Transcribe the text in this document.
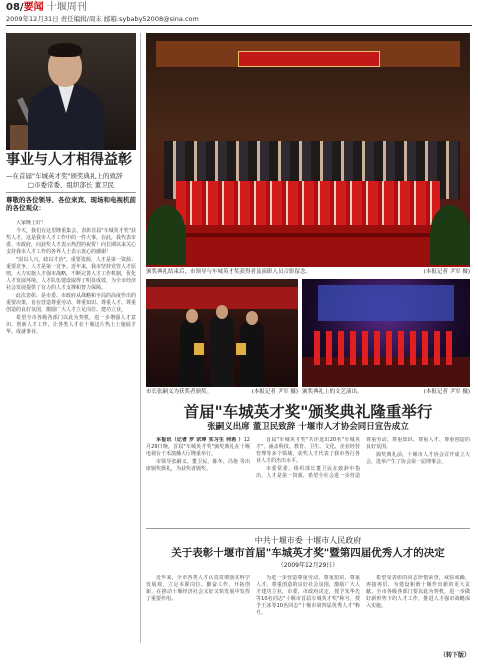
08/要闻 十堰周刊
2009年12月31日 责任编辑/周末 邮箱:sybaby52008@sina.com
事业与人才相得益彰
—在首届"车城英才奖"颁奖典礼上的致辞
□市委常委、组织部长 董卫民
尊敬的各位领导、各位来宾、现场和电视机前的各位观众：

大家晚上好！

今天，我们在这里隆重集会，表彰首届"车城英才奖"获奖人才，这是我市人才工作中的一件大事。在此，我代表市委、市政府，向获奖人才表示热烈的祝贺！向长期以来关心支持我市人才工作的各界人士表示衷心的感谢！

"国以人兴，政以才治"。重要资源，人才是第一资源；重要竞争，人才是第一竞争。近年来，我市坚持党管人才原则，大力实施人才强市战略，不断完善人才工作机制，优化人才发展环境，人才队伍建设取得了明显成效，为全市经济社会发展提供了有力的人才支撑和智力保障。

此次表彰，是市委、市政府从战略和全局的高度作出的重要决策，旨在营造尊重劳动、尊重知识、尊重人才、尊重创造的良好氛围，激励广大人才立足岗位、建功立业。

希望全市各级各部门以此为契机，进一步增强人才意识，创新人才工作，让各类人才在十堰这片热土上施展才华、成就事业。

颁奖典礼结束后，市领导与车城英才奖获得者及演职人员合影留念。	(本报记者 尹军 摄)
市长张嗣义为获奖者颁奖。	(本报记者 尹军 摄) 颁奖典礼上的文艺演出。	(本报记者 尹军 摄)
首届"车城英才奖"颁奖典礼隆重举行
张嗣义出席 董卫民致辞 十堰市人才协会同日宣告成立

本报讯（记者 罗 宗坤 实习生 何希 ）12月29日晚，首届"车城英才奖"颁奖典礼在十堰电视台千禾演播大厅隆重举行。

市领导张嗣义、董卫民、陈冬、冯艳 等出席颁奖典礼，为获奖者颁奖。

首届"车城英才奖"共评选出20名"车城英才"，涵盖科技、教育、卫生、文化、企业经营管理等多个领域，获奖人才代表了我市各行各业人才的杰出水平。

市委常委、组织部长董卫民在致辞中指出，人才是第一资源，希望全社会进一步营造尊重劳动、尊重知识、尊重人才、尊重创造的良好氛围。

颁奖典礼前，十堰市人才协会召开成立大会，选举产生了协会第一届理事会。

中共十堰市委 十堰市人民政府
关于表彰十堰市首届"车城英才奖"暨第四届优秀人才的决定
（2009年12月29日）

近年来，全市各类人才认真贯彻落实科学发展观，立足本职岗位、勤奋工作、开拓创新，在推动十堰经济社会又好又快发展中发挥了重要作用。

为进一步营造尊重劳动、尊重知识、尊重人才、尊重创造的良好社会氛围，激励广大人才建功立业，市委、市政府决定，授予朱华先等10名同志"十堰市首届车城英才奖"称号，授予王冰等10名同志"十堰市第四届优秀人才"称号。

希望受表彰的同志珍惜荣誉，戒骄戒躁，再接再厉，为建设和谐十堰作出新的更大贡献。全市各级各部门要以此为契机，进一步做好新形势下的人才工作，推进人才强市战略深入实施。

（转下版）
